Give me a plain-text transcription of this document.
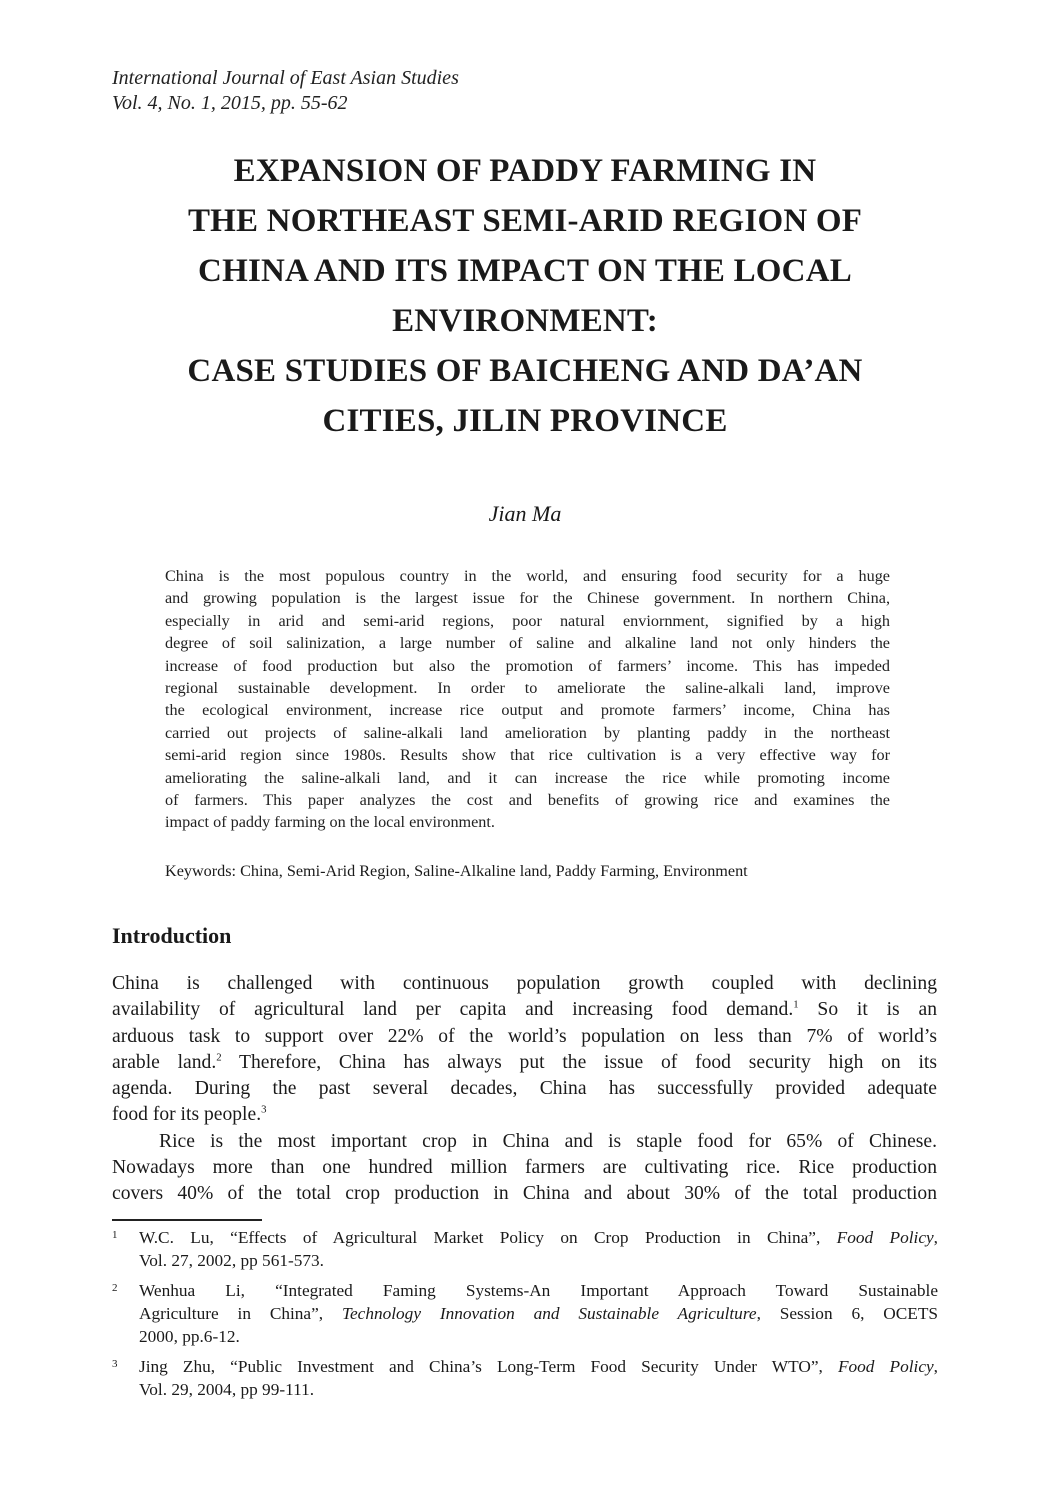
International Journal of East Asian Studies
Vol. 4, No. 1, 2015, pp. 55-62
EXPANSION OF PADDY FARMING IN
THE NORTHEAST SEMI-ARID REGION OF
CHINA AND ITS IMPACT ON THE LOCAL
ENVIRONMENT:
CASE STUDIES OF BAICHENG AND DA’AN
CITIES, JILIN PROVINCE
Jian Ma
China is the most populous country in the world, and ensuring food security for a huge
and growing population is the largest issue for the Chinese government. In northern China,
especially in arid and semi-arid regions, poor natural enviornment, signified by a high
degree of soil salinization, a large number of saline and alkaline land not only hinders the
increase of food production but also the promotion of farmers’ income. This has impeded
regional sustainable development. In order to ameliorate the saline-alkali land, improve
the ecological environment, increase rice output and promote farmers’ income, China has
carried out projects of saline-alkali land amelioration by planting paddy in the northeast
semi-arid region since 1980s. Results show that rice cultivation is a very effective way for
ameliorating the saline-alkali land, and it can increase the rice while promoting income
of farmers. This paper analyzes the cost and benefits of growing rice and examines the
impact of paddy farming on the local environment.
Keywords: China, Semi-Arid Region, Saline-Alkaline land, Paddy Farming, Environment
Introduction
China is challenged with continuous population growth coupled with declining
availability of agricultural land per capita and increasing food demand.$^1$ So it is an
arduous task to support over 22% of the world’s population on less than 7% of world’s
arable land.$^2$ Therefore, China has always put the issue of food security high on its
agenda. During the past several decades, China has successfully provided adequate
food for its people.$^3$
Rice is the most important crop in China and is staple food for 65% of Chinese.
Nowadays more than one hundred million farmers are cultivating rice. Rice production
covers 40% of the total crop production in China and about 30% of the total production
1 W.C. Lu, “Effects of Agricultural Market Policy on Crop Production in China”, Food Policy,
Vol. 27, 2002, pp 561-573.
2 Wenhua Li, “Integrated Faming Systems-An Important Approach Toward Sustainable
Agriculture in China”, Technology Innovation and Sustainable Agriculture, Session 6, OCETS
2000, pp.6-12.
3 Jing Zhu, “Public Investment and China’s Long-Term Food Security Under WTO”, Food Policy,
Vol. 29, 2004, pp 99-111.
